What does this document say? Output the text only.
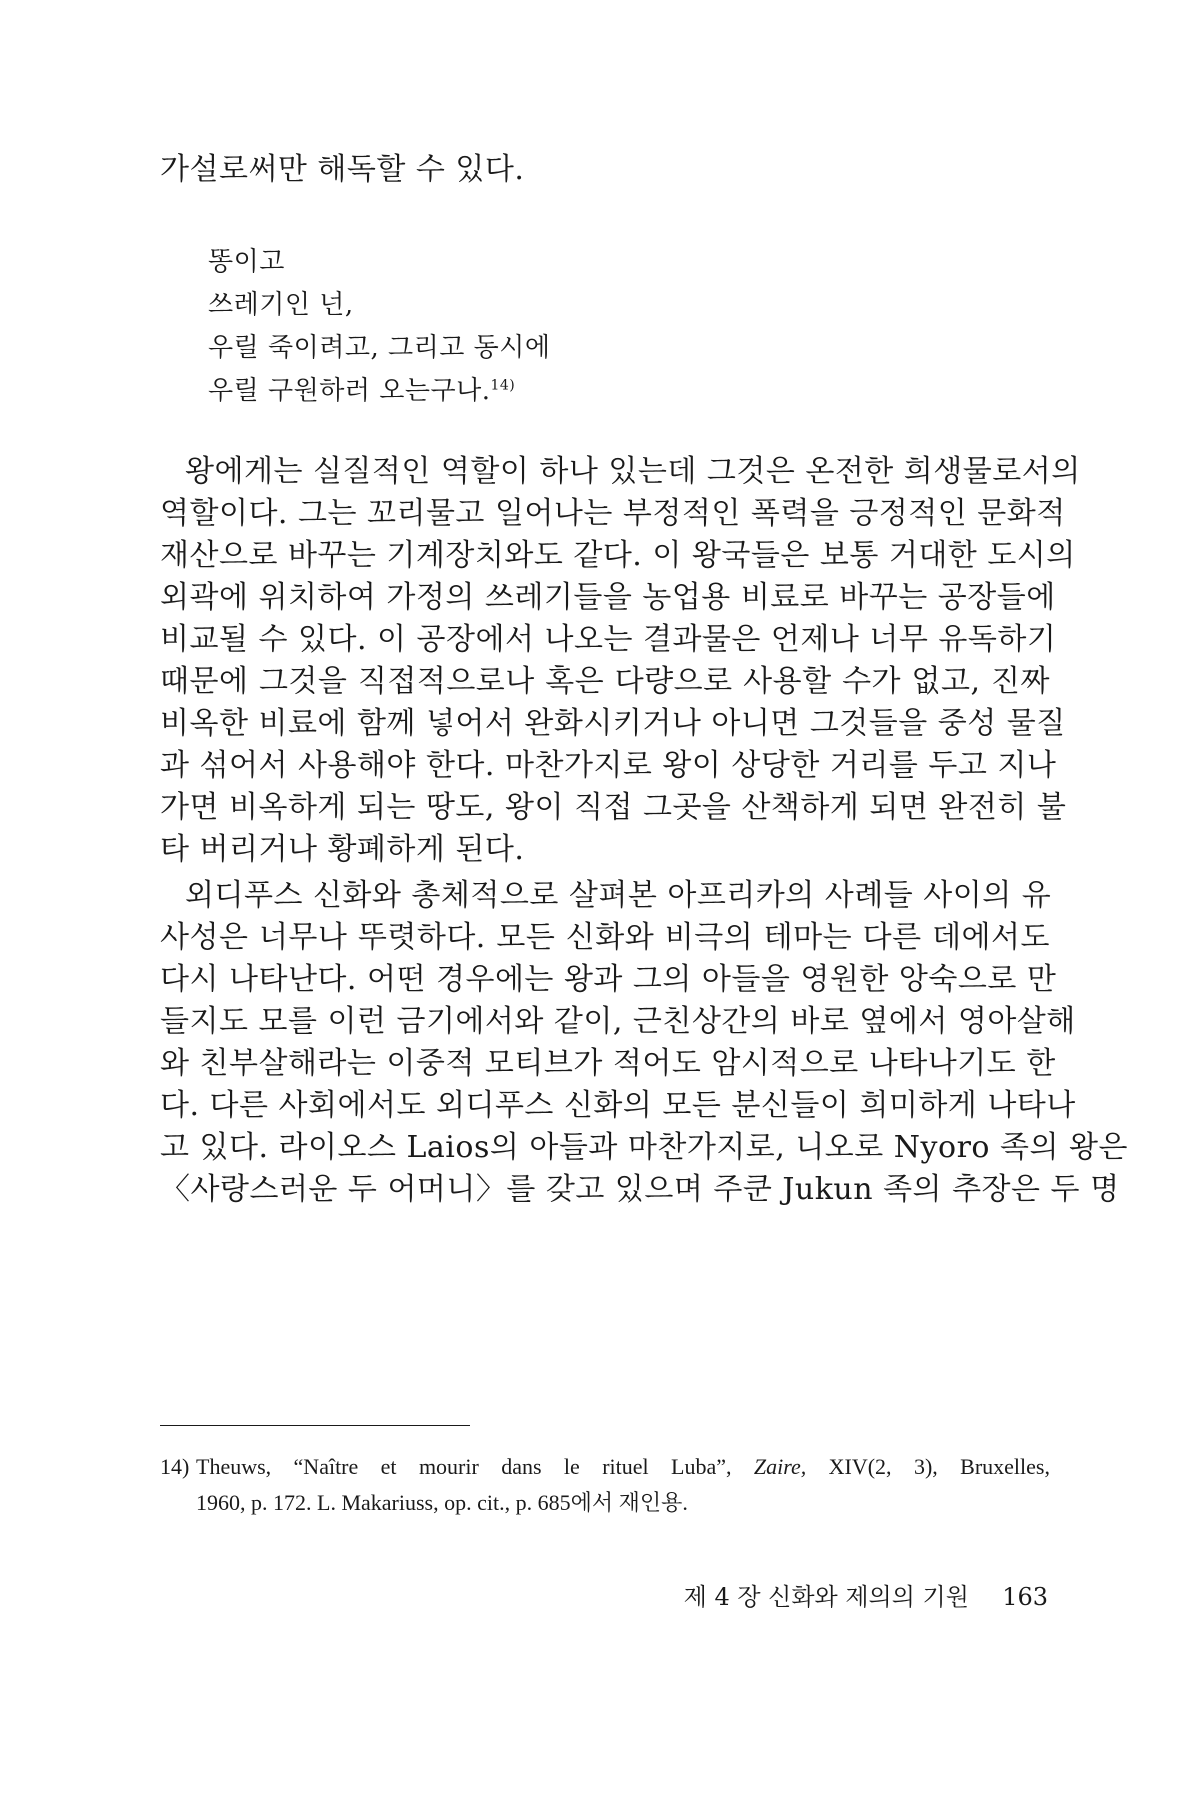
가설로써만 해독할 수 있다.
똥이고
쓰레기인 넌,
우릴 죽이려고, 그리고 동시에
우릴 구원하러 오는구나.$^{14)}$
왕에게는 실질적인 역할이 하나 있는데 그것은 온전한 희생물로서의
역할이다. 그는 꼬리물고 일어나는 부정적인 폭력을 긍정적인 문화적
재산으로 바꾸는 기계장치와도 같다. 이 왕국들은 보통 거대한 도시의
외곽에 위치하여 가정의 쓰레기들을 농업용 비료로 바꾸는 공장들에
비교될 수 있다. 이 공장에서 나오는 결과물은 언제나 너무 유독하기
때문에 그것을 직접적으로나 혹은 다량으로 사용할 수가 없고, 진짜
비옥한 비료에 함께 넣어서 완화시키거나 아니면 그것들을 중성 물질
과 섞어서 사용해야 한다. 마찬가지로 왕이 상당한 거리를 두고 지나
가면 비옥하게 되는 땅도, 왕이 직접 그곳을 산책하게 되면 완전히 불
타 버리거나 황폐하게 된다.
외디푸스 신화와 총체적으로 살펴본 아프리카의 사례들 사이의 유
사성은 너무나 뚜렷하다. 모든 신화와 비극의 테마는 다른 데에서도
다시 나타난다. 어떤 경우에는 왕과 그의 아들을 영원한 앙숙으로 만
들지도 모를 이런 금기에서와 같이, 근친상간의 바로 옆에서 영아살해
와 친부살해라는 이중적 모티브가 적어도 암시적으로 나타나기도 한
다. 다른 사회에서도 외디푸스 신화의 모든 분신들이 희미하게 나타나
고 있다. 라이오스 Laios의 아들과 마찬가지로, 니오로 Nyoro 족의 왕은
〈사랑스러운 두 어머니〉를 갖고 있으며 주쿤 Jukun 족의 추장은 두 명
14) Theuws, “Naître et mourir dans le rituel Luba”, Zaire, XIV(2, 3), Bruxelles,
1960, p. 172. L. Makariuss, op. cit., p. 685에서 재인용.
제 4 장 신화와 제의의 기원 163
